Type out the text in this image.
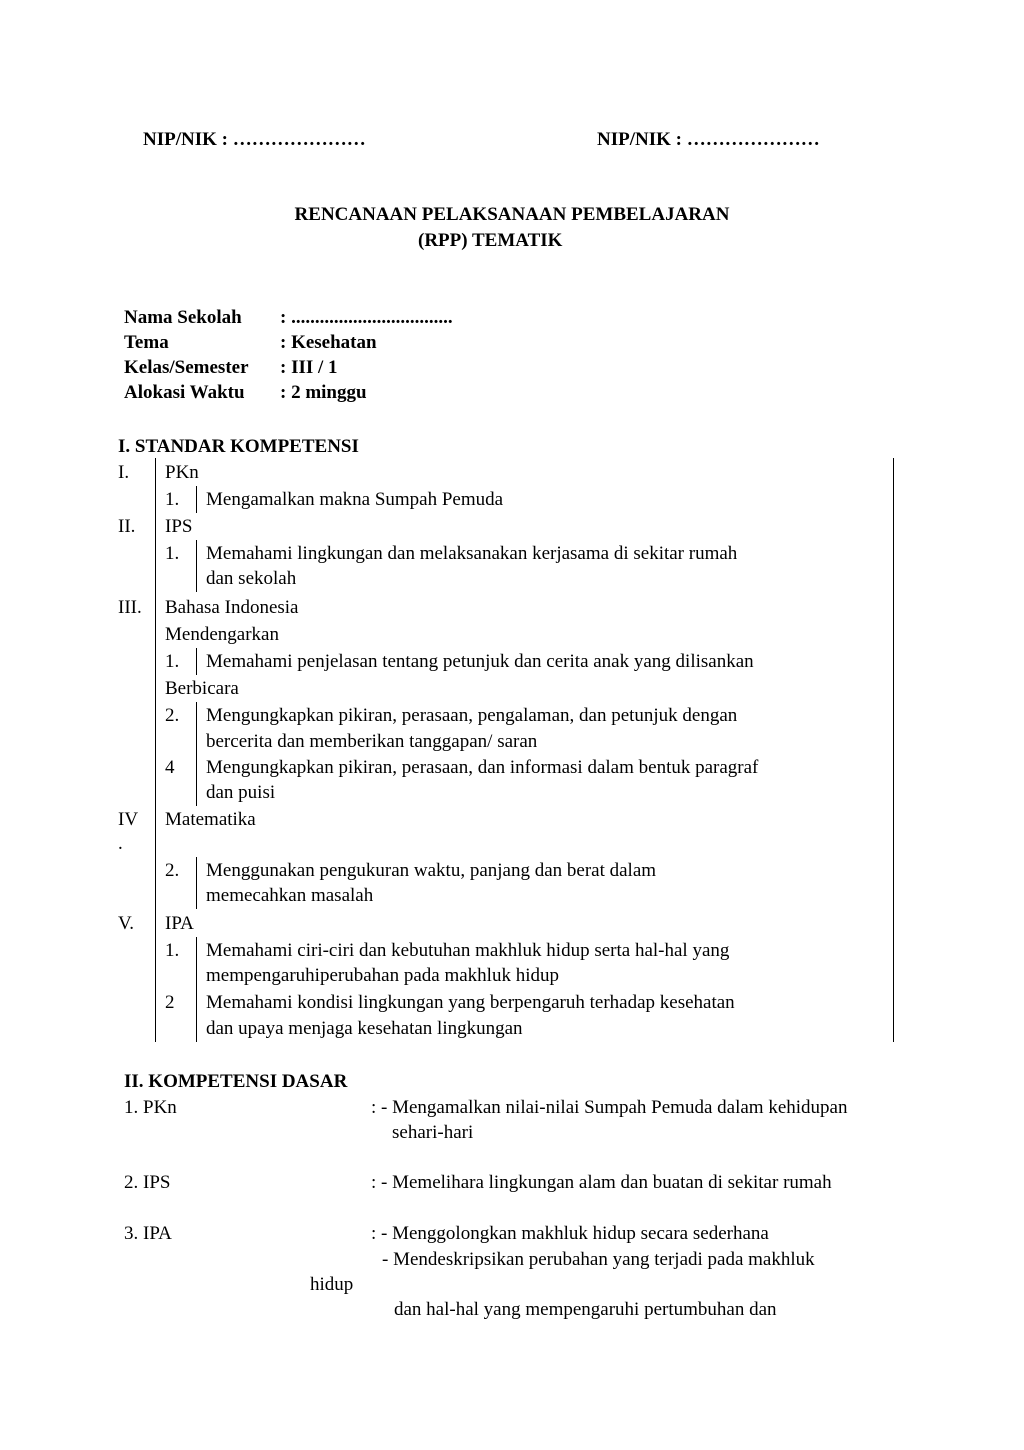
NIP/NIK : …………………	NIP/NIK : …………………
RENCANAAN PELAKSANAAN PEMBELAJARAN
(RPP) TEMATIK
Nama Sekolah : ..................................
Tema	: Kesehatan
Kelas/Semester : III / 1
Alokasi Waktu : 2 minggu
I. STANDAR KOMPETENSI
I. PKn
1. Mengamalkan makna Sumpah Pemuda
II. IPS
1. Memahami lingkungan dan melaksanakan kerjasama di sekitar rumah
dan sekolah
III. Bahasa Indonesia
Mendengarkan
1. Memahami penjelasan tentang petunjuk dan cerita anak yang dilisankan
Berbicara
2. Mengungkapkan pikiran, perasaan, pengalaman, dan petunjuk dengan
bercerita dan memberikan tanggapan/ saran
4 Mengungkapkan pikiran, perasaan, dan informasi dalam bentuk paragraf
dan puisi
IV
.
Matematika
2. Menggunakan pengukuran waktu, panjang dan berat dalam
memecahkan masalah
V. IPA
1. Memahami ciri-ciri dan kebutuhan makhluk hidup serta hal-hal yang
mempengaruhiperubahan pada makhluk hidup
2 Memahami kondisi lingkungan yang berpengaruh terhadap kesehatan
dan upaya menjaga kesehatan lingkungan
II. KOMPETENSI DASAR
1. PKn	: - Mengamalkan nilai-nilai Sumpah Pemuda dalam kehidupan
sehari-hari
2. IPS	: - Memelihara lingkungan alam dan buatan di sekitar rumah
3. IPA	: - Menggolongkan makhluk hidup secara sederhana
- Mendeskripsikan perubahan yang terjadi pada makhluk
hidup
dan hal-hal yang mempengaruhi pertumbuhan dan
